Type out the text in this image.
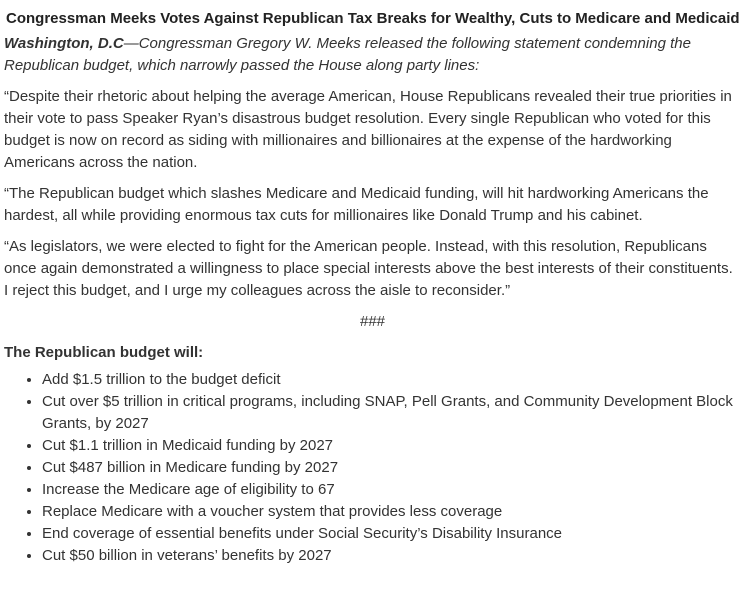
Congressman Meeks Votes Against Republican Tax Breaks for Wealthy, Cuts to Medicare and Medicaid
Washington, D.C—Congressman Gregory W. Meeks released the following statement condemning the Republican budget, which narrowly passed the House along party lines:

“Despite their rhetoric about helping the average American, House Republicans revealed their true priorities in their vote to pass Speaker Ryan’s disastrous budget resolution. Every single Republican who voted for this budget is now on record as siding with millionaires and billionaires at the expense of the hardworking Americans across the nation.

“The Republican budget which slashes Medicare and Medicaid funding, will hit hardworking Americans the hardest, all while providing enormous tax cuts for millionaires like Donald Trump and his cabinet.

“As legislators, we were elected to fight for the American people. Instead, with this resolution, Republicans once again demonstrated a willingness to place special interests above the best interests of their constituents. I reject this budget, and I urge my colleagues across the aisle to reconsider.”

###
The Republican budget will:
• Add $1.5 trillion to the budget deficit
• Cut over $5 trillion in critical programs, including SNAP, Pell Grants, and Community Development Block Grants, by 2027
• Cut $1.1 trillion in Medicaid funding by 2027
• Cut $487 billion in Medicare funding by 2027
• Increase the Medicare age of eligibility to 67
• Replace Medicare with a voucher system that provides less coverage
• End coverage of essential benefits under Social Security’s Disability Insurance
• Cut $50 billion in veterans’ benefits by 2027
